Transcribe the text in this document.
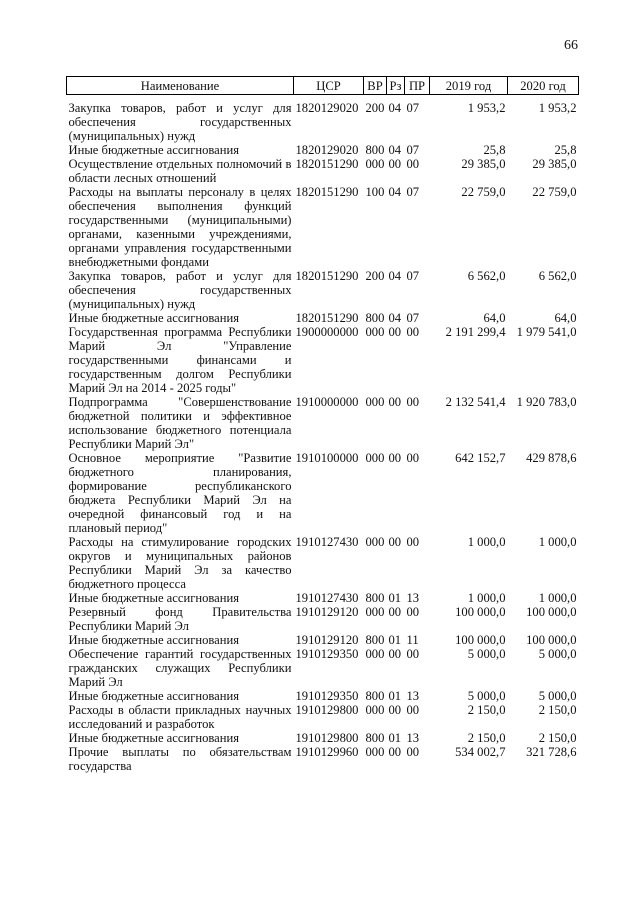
66
Наименование	ЦСР	ВР	Рз	ПР	2019 год	2020 год
Закупка товаров, работ и услуг для обеспечения государственных (муниципальных) нужд	1820129020	200	04	07	1 953,2	1 953,2
Иные бюджетные ассигнования	1820129020	800	04	07	25,8	25,8
Осуществление отдельных полномочий в области лесных отношений	1820151290	000	00	00	29 385,0	29 385,0
Расходы на выплаты персоналу в целях обеспечения выполнения функций государственными (муниципальными) органами, казенными учреждениями, органами управления государственными внебюджетными фондами	1820151290	100	04	07	22 759,0	22 759,0
Закупка товаров, работ и услуг для обеспечения государственных (муниципальных) нужд	1820151290	200	04	07	6 562,0	6 562,0
Иные бюджетные ассигнования	1820151290	800	04	07	64,0	64,0
Государственная программа Республики Марий Эл "Управление государственными финансами и государственным долгом Республики Марий Эл на 2014 - 2025 годы"	1900000000	000	00	00	2 191 299,4	1 979 541,0
Подпрограмма "Совершенствование бюджетной политики и эффективное использование бюджетного потенциала Республики Марий Эл"	1910000000	000	00	00	2 132 541,4	1 920 783,0
Основное мероприятие "Развитие бюджетного планирования, формирование республиканского бюджета Республики Марий Эл на очередной финансовый год и на плановый период"	1910100000	000	00	00	642 152,7	429 878,6
Расходы на стимулирование городских округов и муниципальных районов Республики Марий Эл за качество бюджетного процесса	1910127430	000	00	00	1 000,0	1 000,0
Иные бюджетные ассигнования	1910127430	800	01	13	1 000,0	1 000,0
Резервный фонд Правительства Республики Марий Эл	1910129120	000	00	00	100 000,0	100 000,0
Иные бюджетные ассигнования	1910129120	800	01	11	100 000,0	100 000,0
Обеспечение гарантий государственных гражданских служащих Республики Марий Эл	1910129350	000	00	00	5 000,0	5 000,0
Иные бюджетные ассигнования	1910129350	800	01	13	5 000,0	5 000,0
Расходы в области прикладных научных исследований и разработок	1910129800	000	00	00	2 150,0	2 150,0
Иные бюджетные ассигнования	1910129800	800	01	13	2 150,0	2 150,0
Прочие выплаты по обязательствам государства	1910129960	000	00	00	534 002,7	321 728,6
